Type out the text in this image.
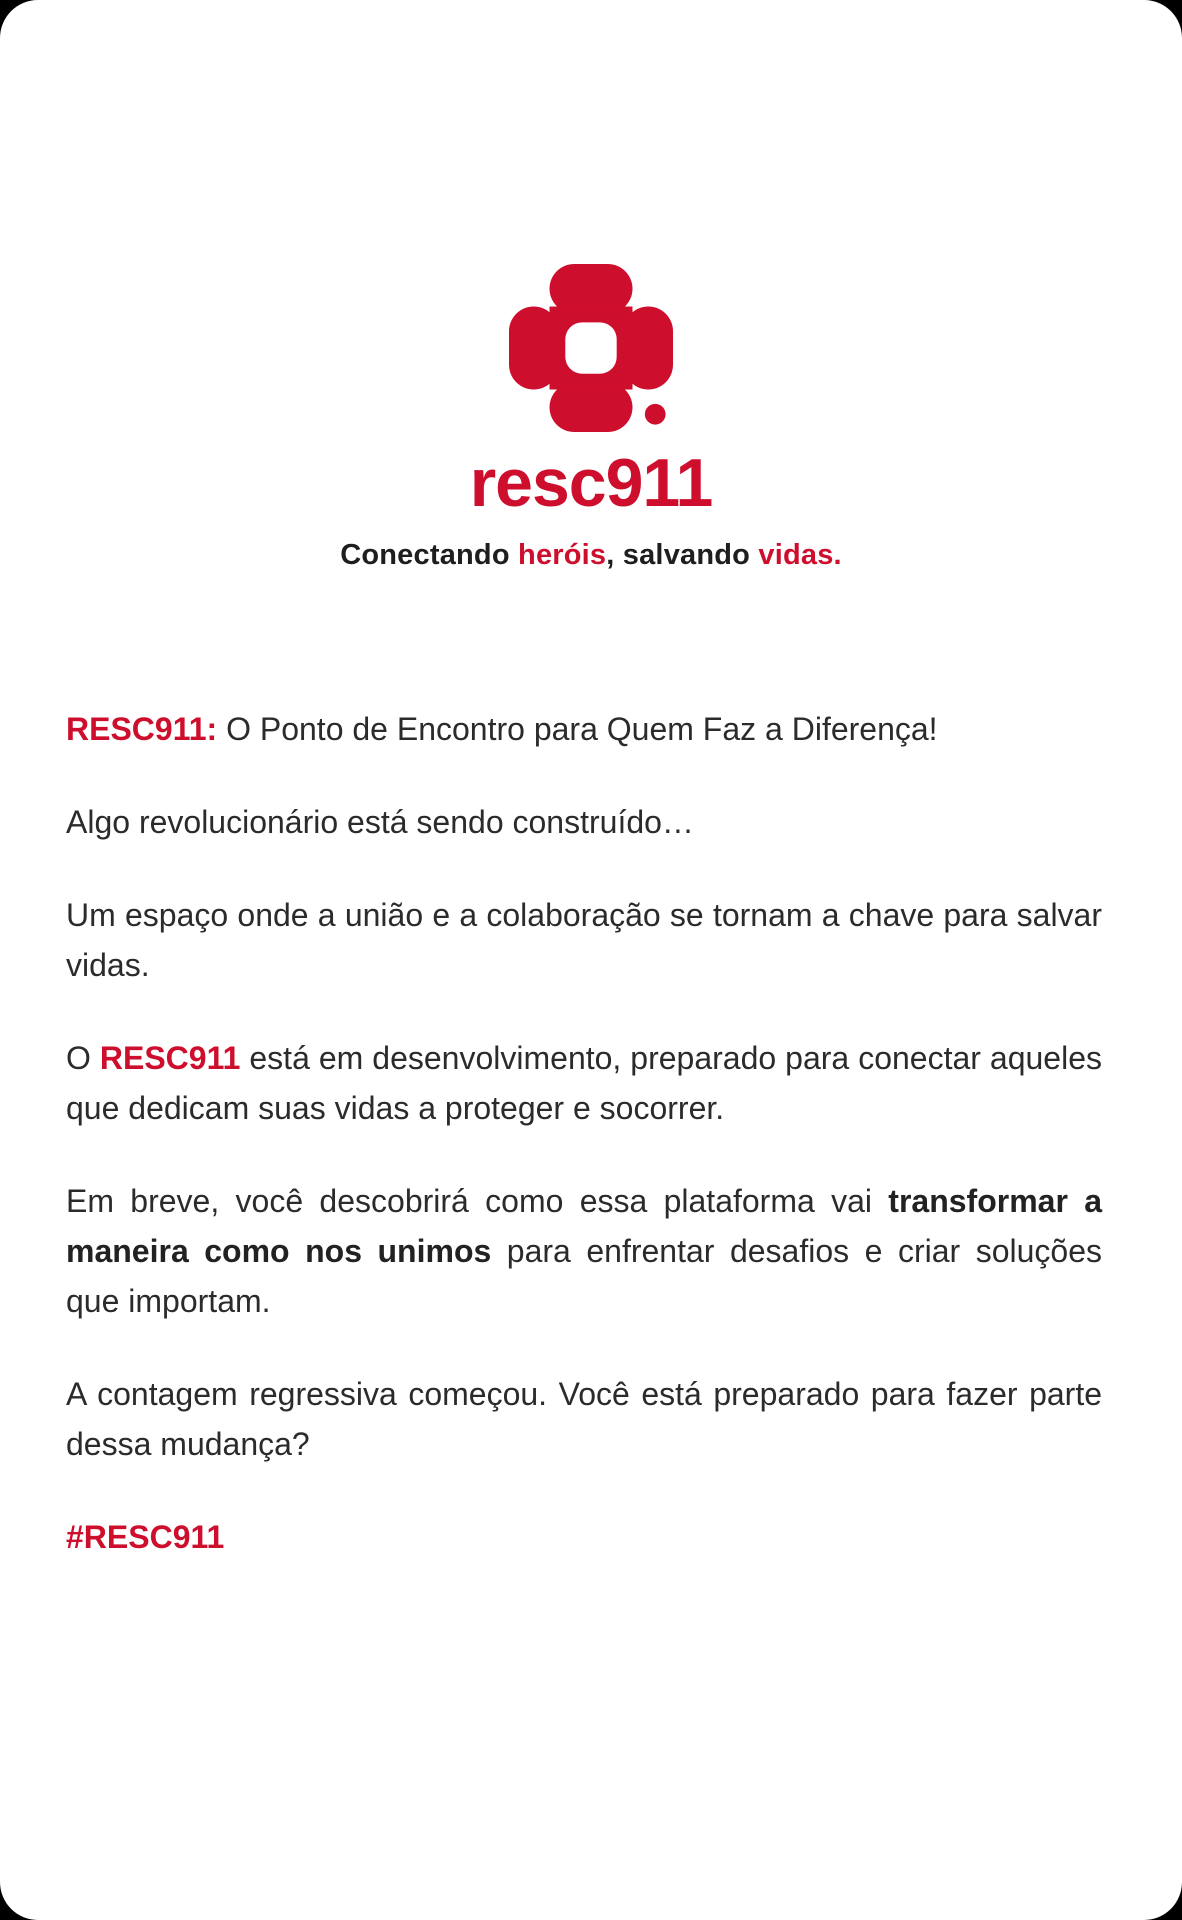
resc911
Conectando heróis, salvando vidas.

RESC911: O Ponto de Encontro para Quem Faz a Diferença!

Algo revolucionário está sendo construído…

Um espaço onde a união e a colaboração se tornam a chave para salvar vidas.

O RESC911 está em desenvolvimento, preparado para conectar aqueles que dedicam suas vidas a proteger e socorrer.

Em breve, você descobrirá como essa plataforma vai transformar a maneira como nos unimos para enfrentar desafios e criar soluções que importam.

A contagem regressiva começou. Você está preparado para fazer parte dessa mudança?

#RESC911
